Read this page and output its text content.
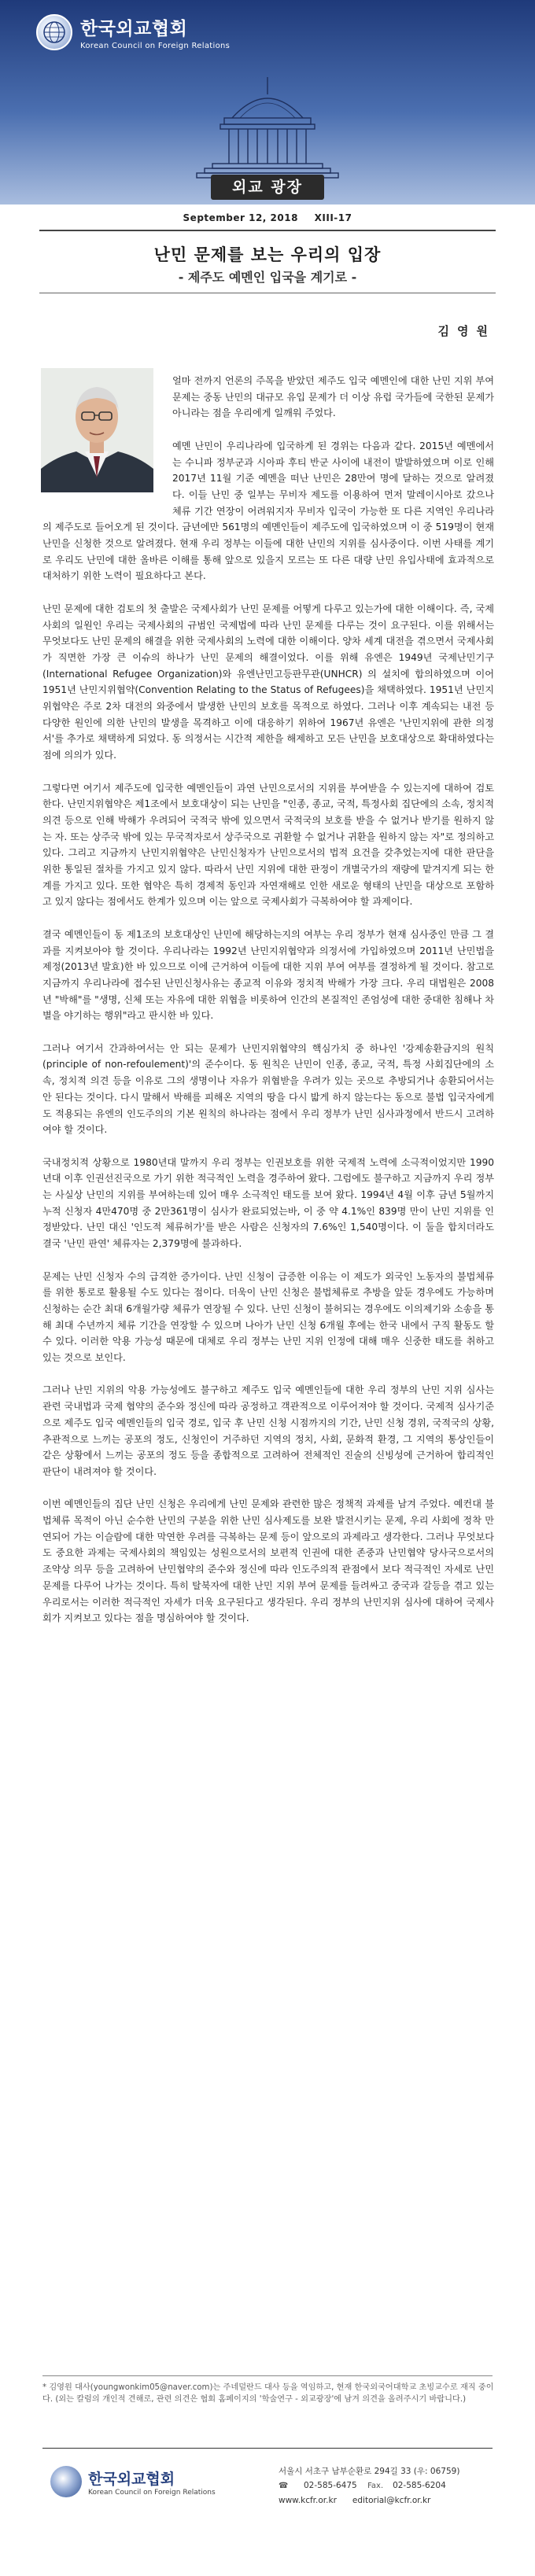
한국외교협회
Korean Council on Foreign Relations
외교 광장
September 12, 2018 XIII-17
난민 문제를 보는 우리의 입장
- 제주도 예멘인 입국을 계기로 -
김영원

얼마 전까지 언론의 주목을 받았던 제주도 입국 예멘인에 대한 난민 지위 부여문제는 중동 난민의 대규모 유입 문제가 더 이상 유럽 국가들에 국한된 문제가 아니라는 점을 우리에게 일깨워 주었다.

예멘 난민이 우리나라에 입국하게 된 경위는 다음과 같다. 2015년 예멘에서는 수니파 정부군과 시아파 후티 반군 사이에 내전이 발발하였으며 이로 인해 2017년 11월 기준 예멘을 떠난 난민은 28만여 명에 달하는 것으로 알려졌다. 이들 난민 중 일부는 무비자 제도를 이용하여 먼저 말레이시아로 갔으나 체류 기간 연장이 어려워지자 무비자 입국이 가능한 또 다른 지역인 우리나라의 제주도로 들어오게 된 것이다. 금년에만 561명의 예멘인들이 제주도에 입국하였으며 이 중 519명이 현재 난민을 신청한 것으로 알려졌다. 현재 우리 정부는 이들에 대한 난민의 지위를 심사중이다. 이번 사태를 계기로 우리도 난민에 대한 올바른 이해를 통해 앞으로 있을지 모르는 또 다른 대량 난민 유입사태에 효과적으로 대처하기 위한 노력이 필요하다고 본다.

난민 문제에 대한 검토의 첫 출발은 국제사회가 난민 문제를 어떻게 다루고 있는가에 대한 이해이다. 즉, 국제사회의 일원인 우리는 국제사회의 규범인 국제법에 따라 난민 문제를 다루는 것이 요구된다. 이를 위해서는 무엇보다도 난민 문제의 해결을 위한 국제사회의 노력에 대한 이해이다. 양차 세계 대전을 겪으면서 국제사회가 직면한 가장 큰 이슈의 하나가 난민 문제의 해결이었다. 이를 위해 유엔은 1949년 국제난민기구(International Refugee Organization)와 유엔난민고등판무관(UNHCR) 의 설치에 합의하였으며 이어 1951년 난민지위협약(Convention Relating to the Status of Refugees)을 채택하였다. 1951년 난민지위협약은 주로 2차 대전의 와중에서 발생한 난민의 보호를 목적으로 하였다. 그러나 이후 계속되는 내전 등 다양한 원인에 의한 난민의 발생을 목격하고 이에 대응하기 위하여 1967년 유엔은 '난민지위에 관한 의정서'를 추가로 채택하게 되었다. 동 의정서는 시간적 제한을 해제하고 모든 난민을 보호대상으로 확대하였다는 점에 의의가 있다.

그렇다면 여기서 제주도에 입국한 예멘인들이 과연 난민으로서의 지위를 부여받을 수 있는지에 대하여 검토한다. 난민지위협약은 제1조에서 보호대상이 되는 난민을 "인종, 종교, 국적, 특정사회 집단에의 소속, 정치적 의견 등으로 인해 박해가 우려되어 국적국 밖에 있으면서 국적국의 보호를 받을 수 없거나 받기를 원하지 않는 자. 또는 상주국 밖에 있는 무국적자로서 상주국으로 귀환할 수 없거나 귀환을 원하지 않는 자"로 정의하고 있다. 그리고 지금까지 난민지위협약은 난민신청자가 난민으로서의 법적 요건을 갖추었는지에 대한 판단을 위한 통일된 절차를 가지고 있지 않다. 따라서 난민 지위에 대한 판정이 개별국가의 재량에 맡겨지게 되는 한계를 가지고 있다. 또한 협약은 특히 경제적 동인과 자연재해로 인한 새로운 형태의 난민을 대상으로 포함하고 있지 않다는 점에서도 한계가 있으며 이는 앞으로 국제사회가 극복하여야 할 과제이다.

결국 예멘인들이 동 제1조의 보호대상인 난민에 해당하는지의 여부는 우리 정부가 현재 심사중인 만큼 그 결과를 지켜보아야 할 것이다. 우리나라는 1992년 난민지위협약과 의정서에 가입하였으며 2011년 난민법을 제정(2013년 발효)한 바 있으므로 이에 근거하여 이들에 대한 지위 부여 여부를 결정하게 될 것이다. 참고로 지금까지 우리나라에 접수된 난민신청사유는 종교적 이유와 정치적 박해가 가장 크다. 우리 대법원은 2008년 "박해"를 "생명, 신체 또는 자유에 대한 위협을 비롯하여 인간의 본질적인 존엄성에 대한 중대한 침해나 차별을 야기하는 행위"라고 판시한 바 있다.

그러나 여기서 간과하여서는 안 되는 문제가 난민지위협약의 핵심가치 중 하나인 '강제송환금지의 원칙(principle of non-refoulement)'의 준수이다. 동 원칙은 난민이 인종, 종교, 국적, 특정 사회집단에의 소속, 정치적 의견 등을 이유로 그의 생명이나 자유가 위협받을 우려가 있는 곳으로 추방되거나 송환되어서는 안 된다는 것이다. 다시 말해서 박해를 피해온 지역의 땅을 다시 밟게 하지 않는다는 동으로 불법 입국자에게도 적용되는 유엔의 인도주의의 기본 원칙의 하나라는 점에서 우리 정부가 난민 심사과정에서 반드시 고려하여야 할 것이다.

국내정치적 상황으로 1980년대 말까지 우리 정부는 인권보호를 위한 국제적 노력에 소극적이었지만 1990년대 이후 인권선진국으로 가기 위한 적극적인 노력을 경주하여 왔다. 그럼에도 불구하고 지금까지 우리 정부는 사실상 난민의 지위를 부여하는데 있어 매우 소극적인 태도를 보여 왔다. 1994년 4월 이후 금년 5월까지 누적 신청자 4만470명 중 2만361명이 심사가 완료되었는바, 이 중 약 4.1%인 839명 만이 난민 지위를 인정받았다. 난민 대신 '인도적 체류허가'를 받은 사람은 신청자의 7.6%인 1,540명이다. 이 둘을 합치더라도 결국 '난민 판연' 체류자는 2,379명에 불과하다.

문제는 난민 신청자 수의 급격한 증가이다. 난민 신청이 급증한 이유는 이 제도가 외국인 노동자의 불법체류를 위한 통로로 활용될 수도 있다는 점이다. 더욱이 난민 신청은 불법체류로 추방을 앞둔 경우에도 가능하며 신청하는 순간 최대 6개월가량 체류가 연장될 수 있다. 난민 신청이 불허되는 경우에도 이의제기와 소송을 통해 최대 수년까지 체류 기간을 연장할 수 있으며 나아가 난민 신청 6개월 후에는 한국 내에서 구직 활동도 할 수 있다. 이러한 악용 가능성 때문에 대체로 우리 정부는 난민 지위 인정에 대해 매우 신중한 태도를 취하고 있는 것으로 보인다.

그러나 난민 지위의 악용 가능성에도 불구하고 제주도 입국 예멘인들에 대한 우리 정부의 난민 지위 심사는 관련 국내법과 국제 협약의 준수와 정신에 따라 공정하고 객관적으로 이루어져야 할 것이다. 국제적 심사기준으로 제주도 입국 예멘인들의 입국 경로, 입국 후 난민 신청 시점까지의 기간, 난민 신청 경위, 국적국의 상황, 추관적으로 느끼는 공포의 정도, 신청인이 거주하던 지역의 정치, 사회, 문화적 환경, 그 지역의 통상인들이 같은 상황에서 느끼는 공포의 정도 등을 종합적으로 고려하여 전체적인 진술의 신빙성에 근거하여 합리적인 판단이 내려져야 할 것이다.

이번 예멘인들의 집단 난민 신청은 우리에게 난민 문제와 관련한 많은 정책적 과제를 남겨 주었다. 예컨대 불법체류 목적이 아닌 순수한 난민의 구분을 위한 난민 심사제도를 보완 발전시키는 문제, 우리 사회에 정착 만연되어 가는 이슬람에 대한 막연한 우려를 극복하는 문제 등이 앞으로의 과제라고 생각한다. 그러나 무엇보다도 중요한 과제는 국제사회의 책임있는 성원으로서의 보편적 인권에 대한 존중과 난민협약 당사국으로서의 조약상 의무 등을 고려하여 난민협약의 준수와 정신에 따라 인도주의적 관점에서 보다 적극적인 자세로 난민 문제를 다루어 나가는 것이다. 특히 탈북자에 대한 난민 지위 부여 문제를 들려싸고 중국과 갈등을 겪고 있는 우리로서는 이러한 적극적인 자세가 더욱 요구된다고 생각된다. 우리 정부의 난민지위 심사에 대하여 국제사회가 지켜보고 있다는 점을 명심하여야 할 것이다.

* 김영원 대사(youngwonkim05@naver.com)는 주네덜란드 대사 등을 역임하고, 현재 한국외국어대학교 초빙교수로 재직 중이다. (외는 칼럼의 개인적 견해로, 관련 의견은 협회 홈페이지의 '학술연구 - 외교광장'에 남겨 의견을 올려주시기 바랍니다.)
한국외교협회
Korean Council on Foreign Relations
서울시 서초구 남부순환로 294길 33 (우: 06759)
☎ 02-585-6475 Fax. 02-585-6204
www.kcfr.or.kr editorial@kcfr.or.kr
